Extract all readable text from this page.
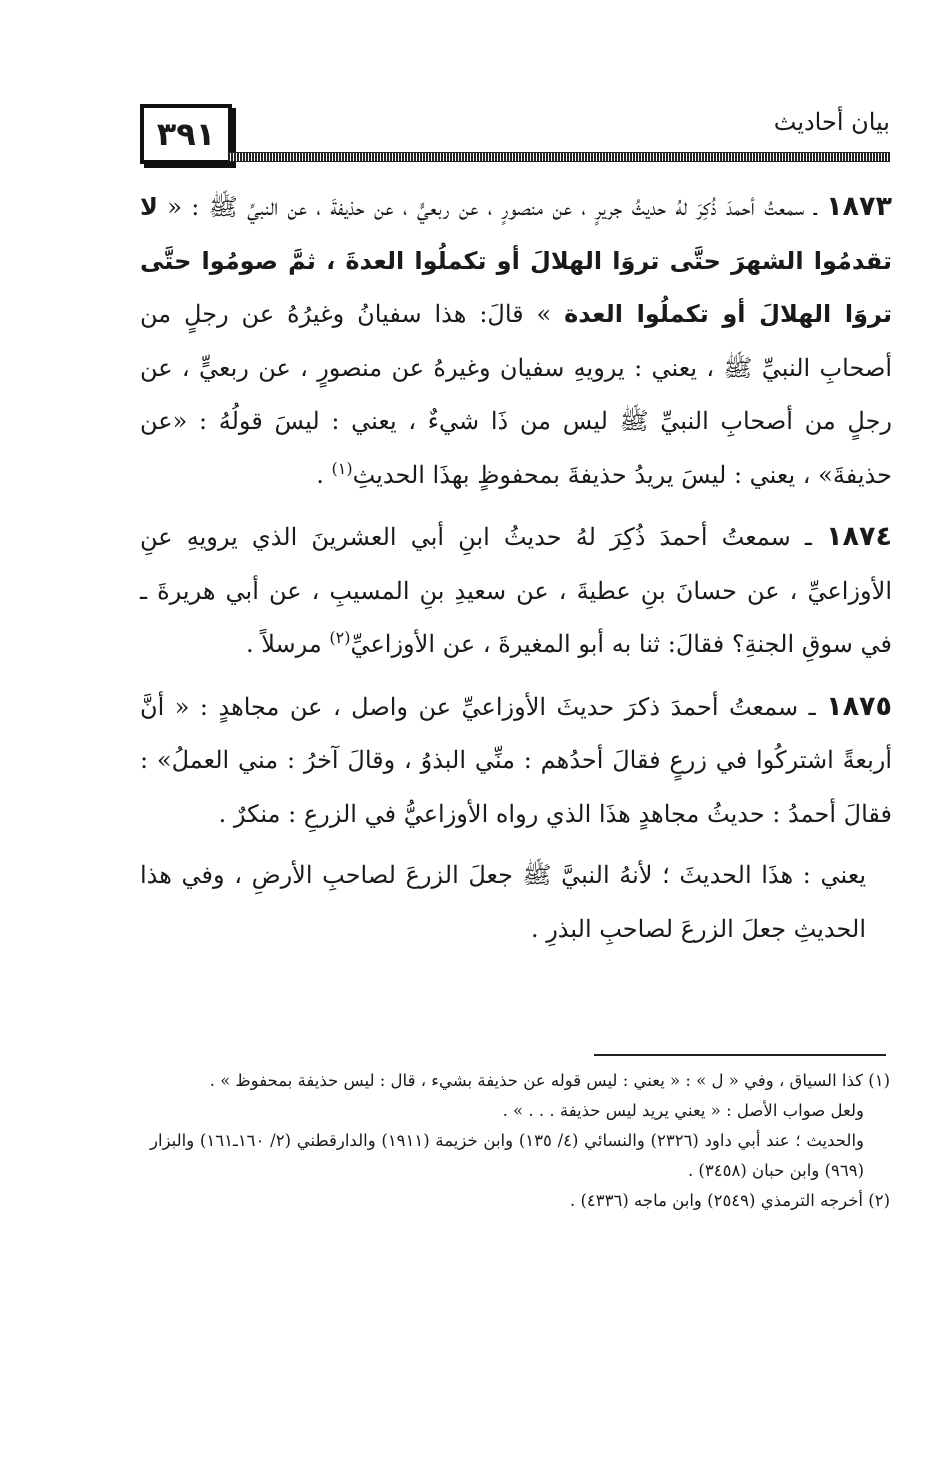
٣٩١	بيان أحاديث

١٨٧٣ ـ سمعتُ أحمدَ ذُكِرَ لهُ حديثُ جريرٍ ، عن منصورٍ ، عن ربعيٍّ ، عن حذيفةَ ، عن النبيِّ ﷺ : « لا تقدمُوا الشهرَ حتَّى تروَا الهلالَ أو تكملُوا العدةَ ، ثمَّ صومُوا حتَّى تروَا الهلالَ أو تكملُوا العدة » قالَ: هذا سفيانُ وغيرُهُ عن رجلٍ من أصحابِ النبيِّ ﷺ ، يعني : يرويهِ سفيان وغيرهُ عن منصورٍ ، عن ربعيٍّ ، عن رجلٍ من أصحابِ النبيِّ ﷺ ليس من ذَا شيءٌ ، يعني : ليسَ قولُهُ : «عن حذيفةَ» ، يعني : ليسَ يريدُ حذيفةَ بمحفوظٍ بهذَا الحديثِ$^{(١)}$ .

١٨٧٤ ـ سمعتُ أحمدَ ذُكِرَ لهُ حديثُ ابنِ أبي العشرينَ الذي يرويهِ عنِ الأوزاعيِّ ، عن حسانَ بنِ عطيةَ ، عن سعيدِ بنِ المسيبِ ، عن أبي هريرةَ ـ في سوقِ الجنةِ؟ فقالَ: ثنا به أبو المغيرةَ ، عن الأوزاعيِّ$^{(٢)}$ مرسلاً .

١٨٧٥ ـ سمعتُ أحمدَ ذكرَ حديثَ الأوزاعيِّ عن واصل ، عن مجاهدٍ : « أنَّ أربعةً اشتركُوا في زرعٍ فقالَ أحدُهم : منِّي البذوُ ، وقالَ آخرُ : مني العملُ» : فقالَ أحمدُ : حديثُ مجاهدٍ هذَا الذي رواه الأوزاعيُّ في الزرعِ : منكرٌ .

يعني : هذَا الحديثَ ؛ لأنهُ النبيَّ ﷺ جعلَ الزرعَ لصاحبِ الأرضِ ، وفي هذا الحديثِ جعلَ الزرعَ لصاحبِ البذرِ .

(١) كذا السياق ، وفي « ل » : « يعني : ليس قوله عن حذيفة بشيء ، قال : ليس حذيفة بمحفوظ » .

ولعل صواب الأصل : « يعني يريد ليس حذيفة . . . » .

والحديث ؛ عند أبي داود (٢٣٢٦) والنسائي (٤/ ١٣٥) وابن خزيمة (١٩١١) والدارقطني (٢/ ١٦٠ـ١٦١) والبزار (٩٦٩) وابن حبان (٣٤٥٨) .

(٢) أخرجه الترمذي (٢٥٤٩) وابن ماجه (٤٣٣٦) .
